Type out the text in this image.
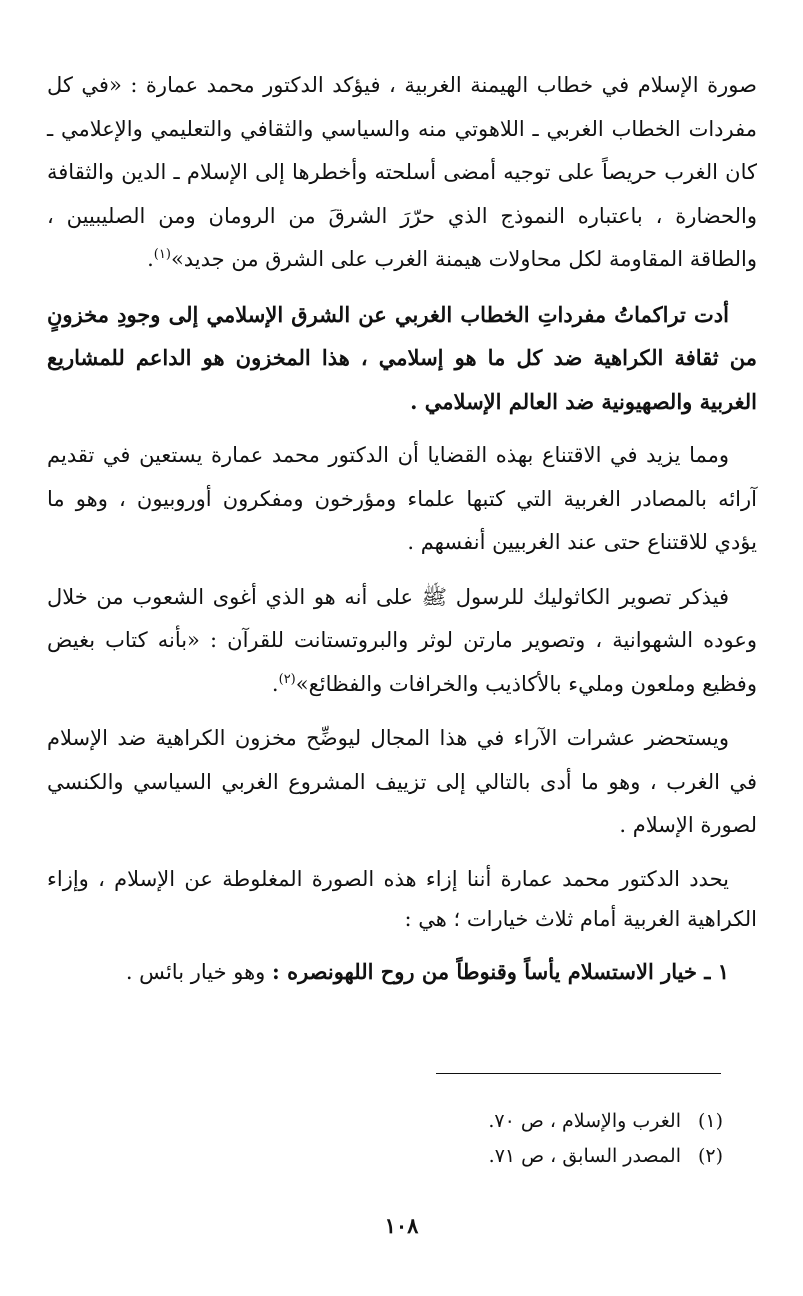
صورة الإسلام في خطاب الهيمنة الغربية ، فيؤكد الدكتور محمد عمارة : «في كل مفردات الخطاب الغربي ـ اللاهوتي منه والسياسي والثقافي والتعليمي والإعلامي ـ كان الغرب حريصاً على توجيه أمضى أسلحته وأخطرها إلى الإسلام ـ الدين والثقافة والحضارة ، باعتباره النموذج الذي حرّرَ الشرقَ من الرومان ومن الصليبيين ، والطاقة المقاومة لكل محاولات هيمنة الغرب على الشرق من جديد»$^{(١)}$.

أدت تراكماتُ مفرداتِ الخطاب الغربي عن الشرق الإسلامي إلى وجودِ مخزونٍ من ثقافة الكراهية ضد كل ما هو إسلامي ، هذا المخزون هو الداعم للمشاريع الغربية والصهيونية ضد العالم الإسلامي .

ومما يزيد في الاقتناع بهذه القضايا أن الدكتور محمد عمارة يستعين في تقديم آرائه بالمصادر الغربية التي كتبها علماء ومؤرخون ومفكرون أوروبيون ، وهو ما يؤدي للاقتناع حتى عند الغربيين أنفسهم .

فيذكر تصوير الكاثوليك للرسول ﷺ على أنه هو الذي أغوى الشعوب من خلال وعوده الشهوانية ، وتصوير مارتن لوثر والبروتستانت للقرآن : «بأنه كتاب بغيض وفظيع وملعون ومليء بالأكاذيب والخرافات والفظائع»$^{(٢)}$.

ويستحضر عشرات الآراء في هذا المجال ليوضِّح مخزون الكراهية ضد الإسلام في الغرب ، وهو ما أدى بالتالي إلى تزييف المشروع الغربي السياسي والكنسي لصورة الإسلام .

يحدد الدكتور محمد عمارة أننا إزاء هذه الصورة المغلوطة عن الإسلام ، وإزاء الكراهية الغربية أمام ثلاث خيارات ؛ هي :

١ ـ خيار الاستسلام يأساً وقنوطاً من روح اللهونصره : وهو خيار بائس .

(١)الغرب والإسلام ، ص ٧٠.
(٢)المصدر السابق ، ص ٧١.
١٠٨
